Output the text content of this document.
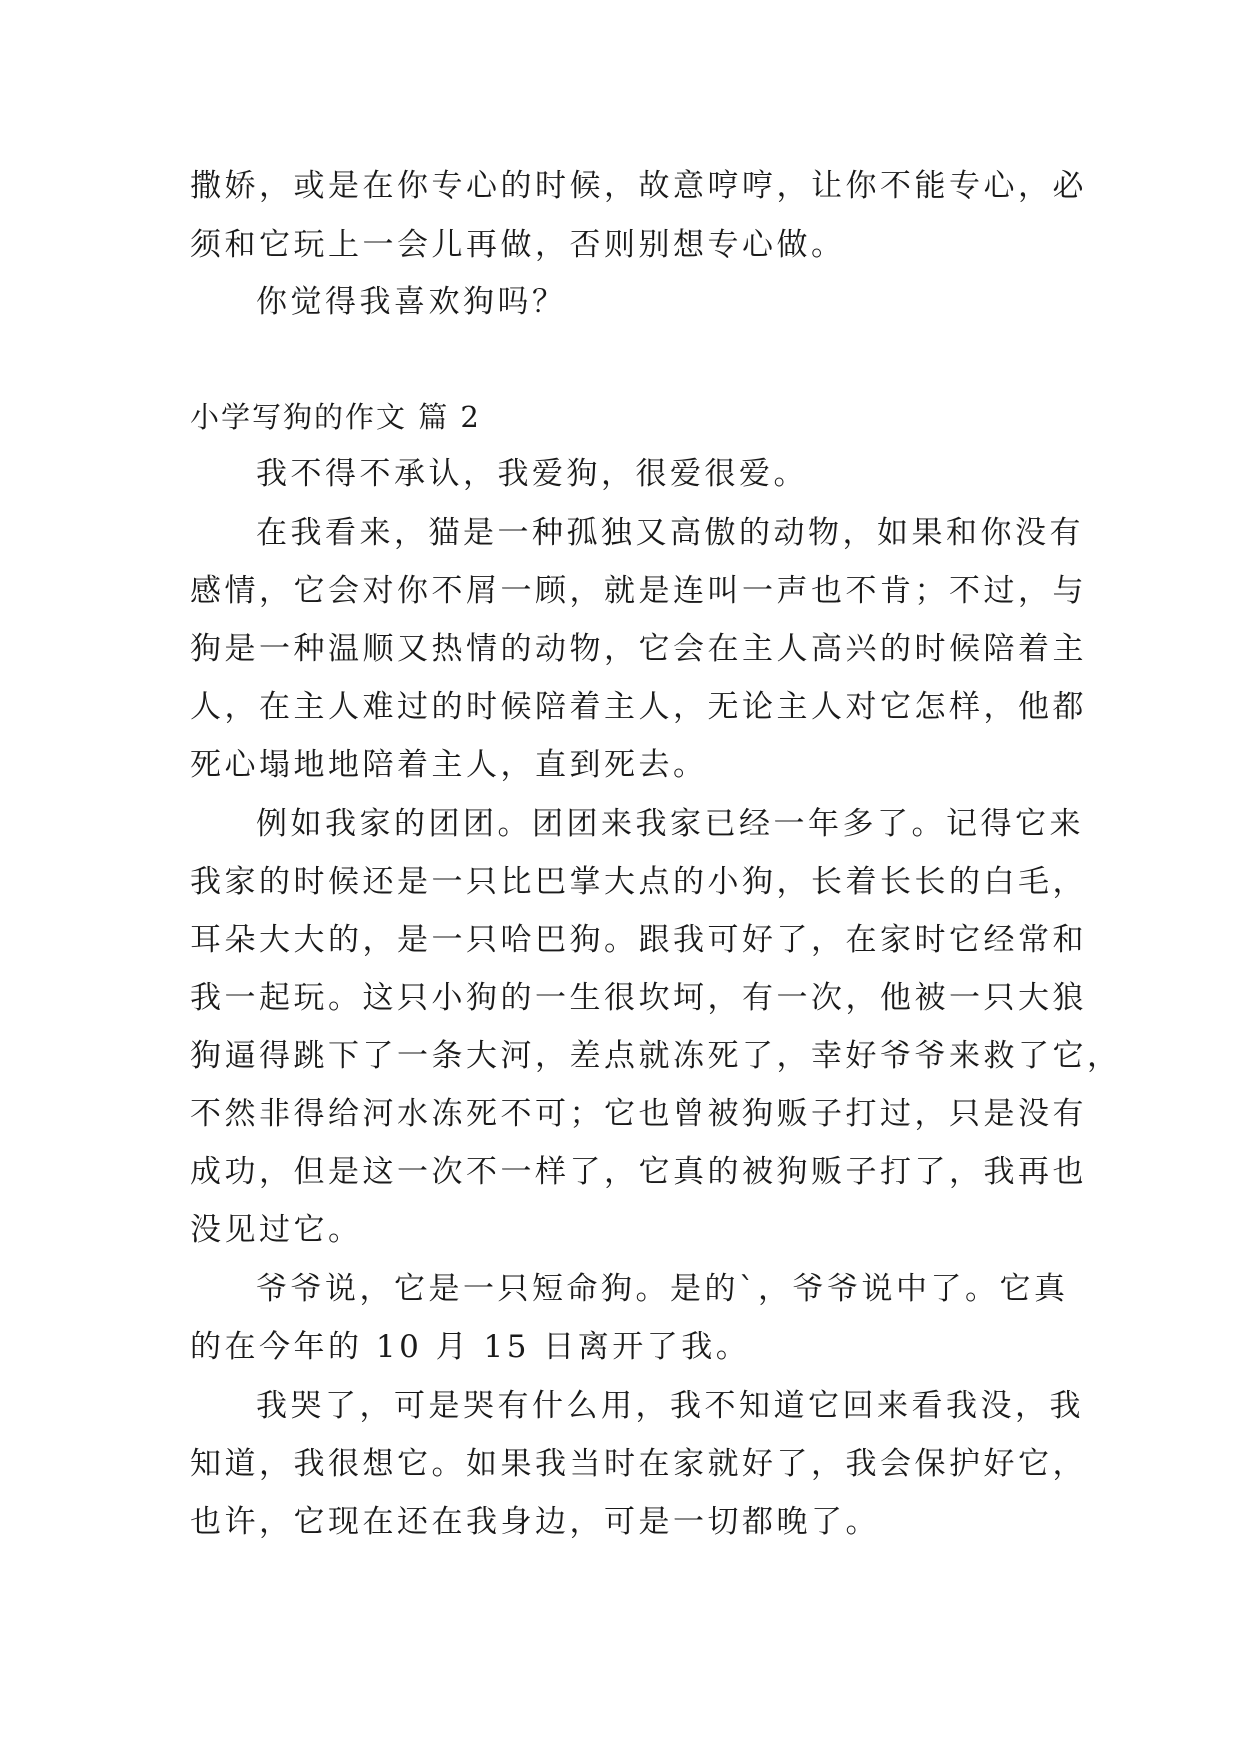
撒娇，或是在你专心的时候，故意哼哼，让你不能专心，必
须和它玩上一会儿再做，否则别想专心做。
你觉得我喜欢狗吗？
小学写狗的作文 篇 2
我不得不承认，我爱狗，很爱很爱。
在我看来，猫是一种孤独又高傲的动物，如果和你没有
感情，它会对你不屑一顾，就是连叫一声也不肯；不过，与
狗是一种温顺又热情的动物，它会在主人高兴的时候陪着主
人，在主人难过的时候陪着主人，无论主人对它怎样，他都
死心塌地地陪着主人，直到死去。
例如我家的团团。团团来我家已经一年多了。记得它来
我家的时候还是一只比巴掌大点的小狗，长着长长的白毛，
耳朵大大的，是一只哈巴狗。跟我可好了，在家时它经常和
我一起玩。这只小狗的一生很坎坷，有一次，他被一只大狼
狗逼得跳下了一条大河，差点就冻死了，幸好爷爷来救了它，
不然非得给河水冻死不可；它也曾被狗贩子打过，只是没有
成功，但是这一次不一样了，它真的被狗贩子打了，我再也
没见过它。
爷爷说，它是一只短命狗。是的`，爷爷说中了。它真
的在今年的 10 月 15 日离开了我。
我哭了，可是哭有什么用，我不知道它回来看我没，我
知道，我很想它。如果我当时在家就好了，我会保护好它，
也许，它现在还在我身边，可是一切都晚了。
